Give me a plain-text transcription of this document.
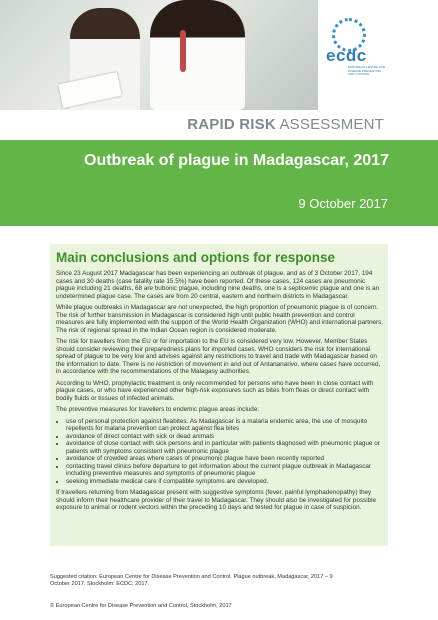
ecdc
EUROPEAN CENTRE FOR DISEASE PREVENTION AND CONTROL
RAPID RISK ASSESSMENT
Outbreak of plague in Madagascar, 2017
9 October 2017
Main conclusions and options for response

Since 23 August 2017 Madagascar has been experiencing an outbreak of plague, and as of 3 October 2017, 194 cases and 30 deaths (case fatality rate 15.5%) have been reported. Of these cases, 124 cases are pneumonic plague including 21 deaths, 68 are bubonic plague, including nine deaths, one is a septicemic plague and one is an undetermined plague case. The cases are from 20 central, eastern and northern districts in Madagascar.

While plague outbreaks in Madagascar are not unexpected, the high proportion of pneumonic plague is of concern. The risk of further transmission in Madagascar is considered high until public health prevention and control measures are fully implemented with the support of the World Health Organization (WHO) and international partners. The risk of regional spread in the Indian Ocean region is considered moderate.

The risk for travellers from the EU or for importation to the EU is considered very low. However, Member States should consider reviewing their preparedness plans for imported cases. WHO considers the risk for international spread of plague to be very low and advises against any restrictions to travel and trade with Madagascar based on the information to date. There is no restriction of movement in and out of Antananarivo, where cases have occurred, in accordance with the recommendations of the Malagasy authorities.

According to WHO, prophylactic treatment is only recommended for persons who have been in close contact with plague cases, or who have experienced other high-risk exposures such as bites from fleas or direct contact with bodily fluids or tissues of infected animals.

The preventive measures for travellers to endemic plague areas include:

• use of personal protection against fleabites. As Madagascar is a malaria endemic area, the use of mosquito repellents for malaria prevention can protect against flea bites
• avoidance of direct contact with sick or dead animals
• avoidance of close contact with sick persons and in particular with patients diagnosed with pneumonic plague or patients with symptoms consistent with pneumonic plague
• avoidance of crowded areas where cases of pneumonic plague have been recently reported
• contacting travel clinics before departure to get information about the current plague outbreak in Madagascar including preventive measures and symptoms of pneumonic plague
• seeking immediate medical care if compatible symptoms are developed.

If travellers returning from Madagascar present with suggestive symptoms (fever, painful lymphadenopathy) they should inform their healthcare provider of their travel to Madagascar. They should also be investigated for possible exposure to animal or rodent vectors within the preceding 10 days and tested for plague in case of suspicion.

Suggested citation: European Centre for Disease Prevention and Control. Plague outbreak, Madagascar, 2017 – 9 October 2017. Stockholm: ECDC; 2017.
© European Centre for Disease Prevention and Control, Stockholm, 2017
